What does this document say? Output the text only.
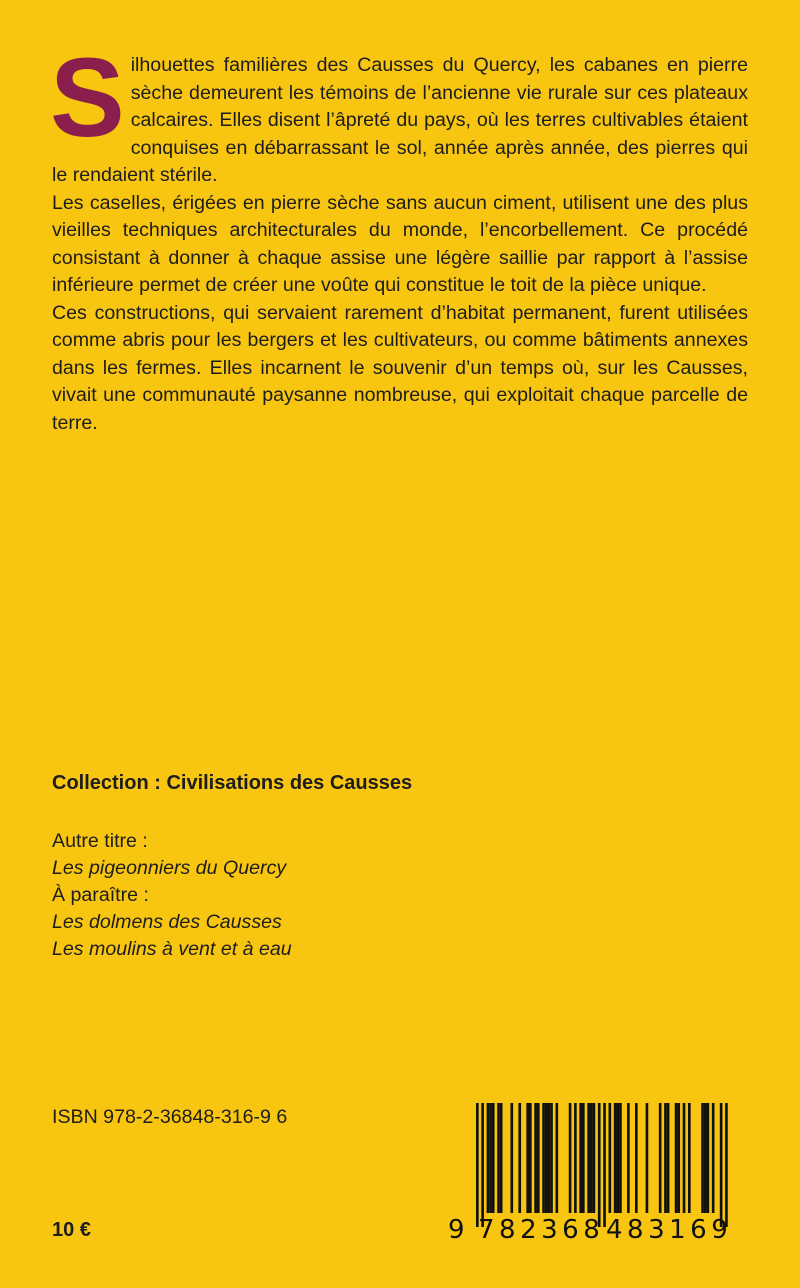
Silhouettes familières des Causses du Quercy, les cabanes en pierre sèche demeurent les témoins de l’ancienne vie rurale sur ces plateaux calcaires. Elles disent l’âpreté du pays, où les terres cultivables étaient conquises en débarrassant le sol, année après année, des pierres qui le rendaient stérile.

Les caselles, érigées en pierre sèche sans aucun ciment, utilisent une des plus vieilles techniques architecturales du monde, l’encorbellement. Ce procédé consistant à donner à chaque assise une légère saillie par rapport à l’assise inférieure permet de créer une voûte qui constitue le toit de la pièce unique.

Ces constructions, qui servaient rarement d’habitat permanent, furent utilisées comme abris pour les bergers et les cultivateurs, ou comme bâtiments annexes dans les fermes. Elles incarnent le souvenir d’un temps où, sur les Causses, vivait une communauté paysanne nombreuse, qui exploitait chaque parcelle de terre.

Collection : Civilisations des Causses
Autre titre :
Les pigeonniers du Quercy
À paraître :
Les dolmens des Causses
Les moulins à vent et à eau
ISBN 978-2-36848-316-9 6
10 €	9 782368 483169
